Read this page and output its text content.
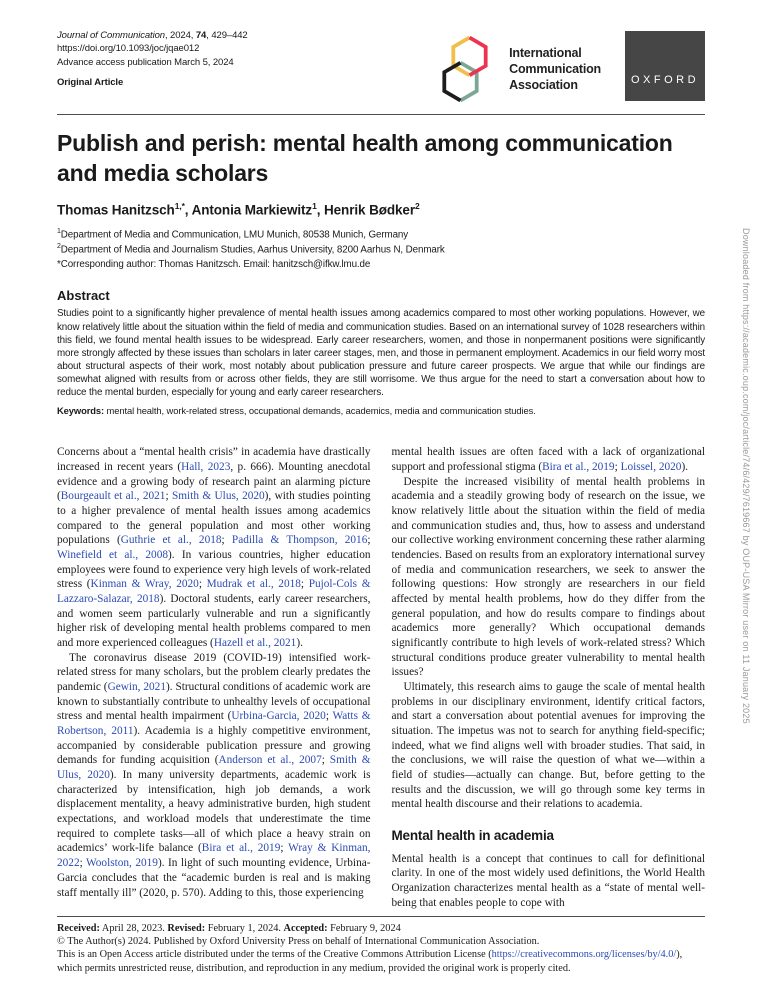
Journal of Communication, 2024, 74, 429–442
https://doi.org/10.1093/joc/jqae012
Advance access publication March 5, 2024
Original Article
International
Communication
Association	OXFORD
Publish and perish: mental health among communication and media scholars
Thomas Hanitzsch$^{1,*}$, Antonia Markiewitz$^1$, Henrik Bødker$^2$

$^1$Department of Media and Communication, LMU Munich, 80538 Munich, Germany

$^2$Department of Media and Journalism Studies, Aarhus University, 8200 Aarhus N, Denmark

*Corresponding author: Thomas Hanitzsch. Email: hanitzsch@ifkw.lmu.de

Abstract
Studies point to a significantly higher prevalence of mental health issues among academics compared to most other working populations. However, we know relatively little about the situation within the field of media and communication studies. Based on an international survey of 1028 researchers within this field, we found mental health issues to be widespread. Early career researchers, women, and those in nonpermanent positions were significantly more strongly affected by these issues than scholars in later career stages, men, and those in permanent employment. Academics in our field worry most about structural aspects of their work, most notably about publication pressure and future career prospects. We argue that while our findings are somewhat aligned with results from or across other fields, they are still worrisome. We thus argue for the need to start a conversation about how to reduce the mental burden, especially for young and early career researchers.
Keywords: mental health, work-related stress, occupational demands, academics, media and communication studies.

Concerns about a “mental health crisis” in academia have drastically increased in recent years (Hall, 2023, p. 666). Mounting anecdotal evidence and a growing body of research paint an alarming picture (Bourgeault et al., 2021; Smith & Ulus, 2020), with studies pointing to a higher prevalence of mental health issues among academics compared to the general population and most other working populations (Guthrie et al., 2018; Padilla & Thompson, 2016; Winefield et al., 2008). In various countries, higher education employees were found to experience very high levels of work-related stress (Kinman & Wray, 2020; Mudrak et al., 2018; Pujol-Cols & Lazzaro-Salazar, 2018). Doctoral students, early career researchers, and women seem particularly vulnerable and run a significantly higher risk of developing mental health problems compared to men and more experienced colleagues (Hazell et al., 2021).

The coronavirus disease 2019 (COVID-19) intensified work-related stress for many scholars, but the problem clearly predates the pandemic (Gewin, 2021). Structural conditions of academic work are known to substantially contribute to unhealthy levels of occupational stress and mental health impairment (Urbina-Garcia, 2020; Watts & Robertson, 2011). Academia is a highly competitive environment, accompanied by considerable publication pressure and growing demands for funding acquisition (Anderson et al., 2007; Smith & Ulus, 2020). In many university departments, academic work is characterized by intensification, high job demands, a work displacement mentality, a heavy administrative burden, high student expectations, and workload models that underestimate the time required to complete tasks—all of which place a heavy strain on academics’ work-life balance (Bira et al., 2019; Wray & Kinman, 2022; Woolston, 2019). In light of such mounting evidence, Urbina-Garcia concludes that the “academic burden is real and is making staff mentally ill” (2020, p. 570). Adding to this, those experiencing

mental health issues are often faced with a lack of organizational support and professional stigma (Bira et al., 2019; Loissel, 2020).

Despite the increased visibility of mental health problems in academia and a steadily growing body of research on the issue, we know relatively little about the situation within the field of media and communication studies and, thus, how to assess and understand our collective working environment concerning these rather alarming tendencies. Based on results from an exploratory international survey of media and communication researchers, we seek to answer the following questions: How strongly are researchers in our field affected by mental health problems, how do they differ from the general population, and how do results compare to findings about academics more generally? Which occupational demands significantly contribute to high levels of work-related stress? Which structural conditions produce greater vulnerability to mental health issues?

Ultimately, this research aims to gauge the scale of mental health problems in our disciplinary environment, identify critical factors, and start a conversation about potential avenues for improving the situation. The impetus was not to search for anything field-specific; indeed, what we find aligns well with broader studies. That said, in the conclusions, we will raise the question of what we—within a field of studies—actually can change. But, before getting to the results and the discussion, we will go through some key terms in mental health discourse and their relations to academia.

Mental health in academia

Mental health is a concept that continues to call for definitional clarity. In one of the most widely used definitions, the World Health Organization characterizes mental health as a “state of mental well-being that enables people to cope with

Received: April 28, 2023. Revised: February 1, 2024. Accepted: February 9, 2024
© The Author(s) 2024. Published by Oxford University Press on behalf of International Communication Association.
This is an Open Access article distributed under the terms of the Creative Commons Attribution License (https://creativecommons.org/licenses/by/4.0/), which permits unrestricted reuse, distribution, and reproduction in any medium, provided the original work is properly cited.
Downloaded from https://academic.oup.com/joc/article/74/6/429/7619667 by OUP-USA Mirror user on 11 January 2025
